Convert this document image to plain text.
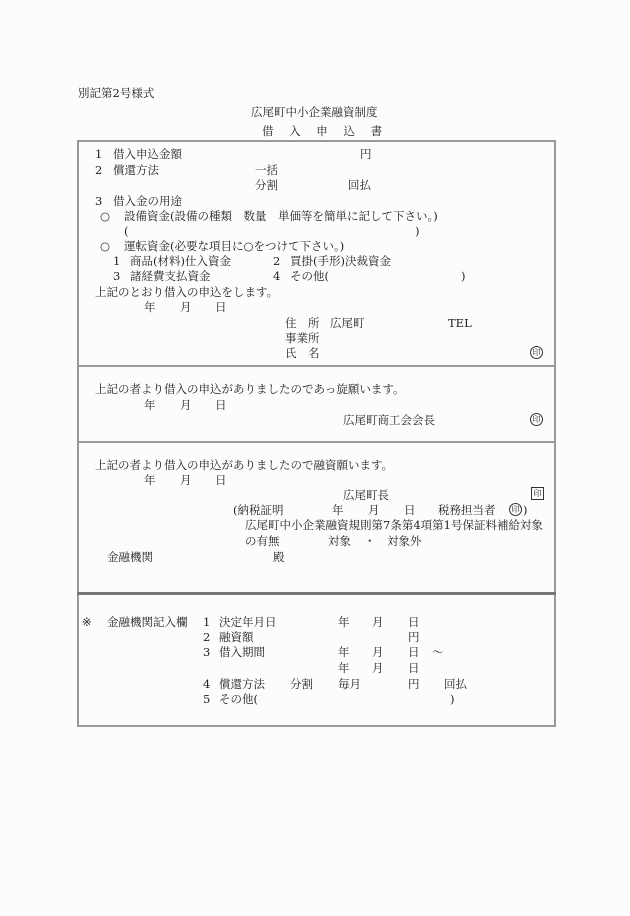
別記第2号様式
広尾町中小企業融資制度
借 入 申 込 書
1 借入申込金額	円
2 償還方法	一括
分割	回払
3 借入金の用途
○ 設備資金(設備の種類　数量　単価等を簡単に記して下さい。)
(	)
○ 運転資金(必要な項目に○をつけて下さい。)
1 商品(材料)仕入資金	2 買掛(手形)決裁資金
3 諸経費支払資金	4 その他(	)
上記のとおり借入の申込をします。
年 月 日
住　所 広尾町	TEL
事業所
氏　名	印
上記の者より借入の申込がありましたのであっ旋願います。
年 月 日
広尾町商工会会長	印
上記の者より借入の申込がありましたので融資願います。
年 月 日
広尾町長	印
(納税証明	年 月 日 税務担当者	印 )
広尾町中小企業融資規則第7条第4項第1号保証料補給対象
の有無	対象 ・ 対象外
金融機関	殿
※ 金融機関記入欄 1 決定年月日	年 月 日
2 融資額	円
3 借入期間	年 月 日 ～
年 月 日
4 償還方法 分割 毎月	円 回払
5 その他(	)
